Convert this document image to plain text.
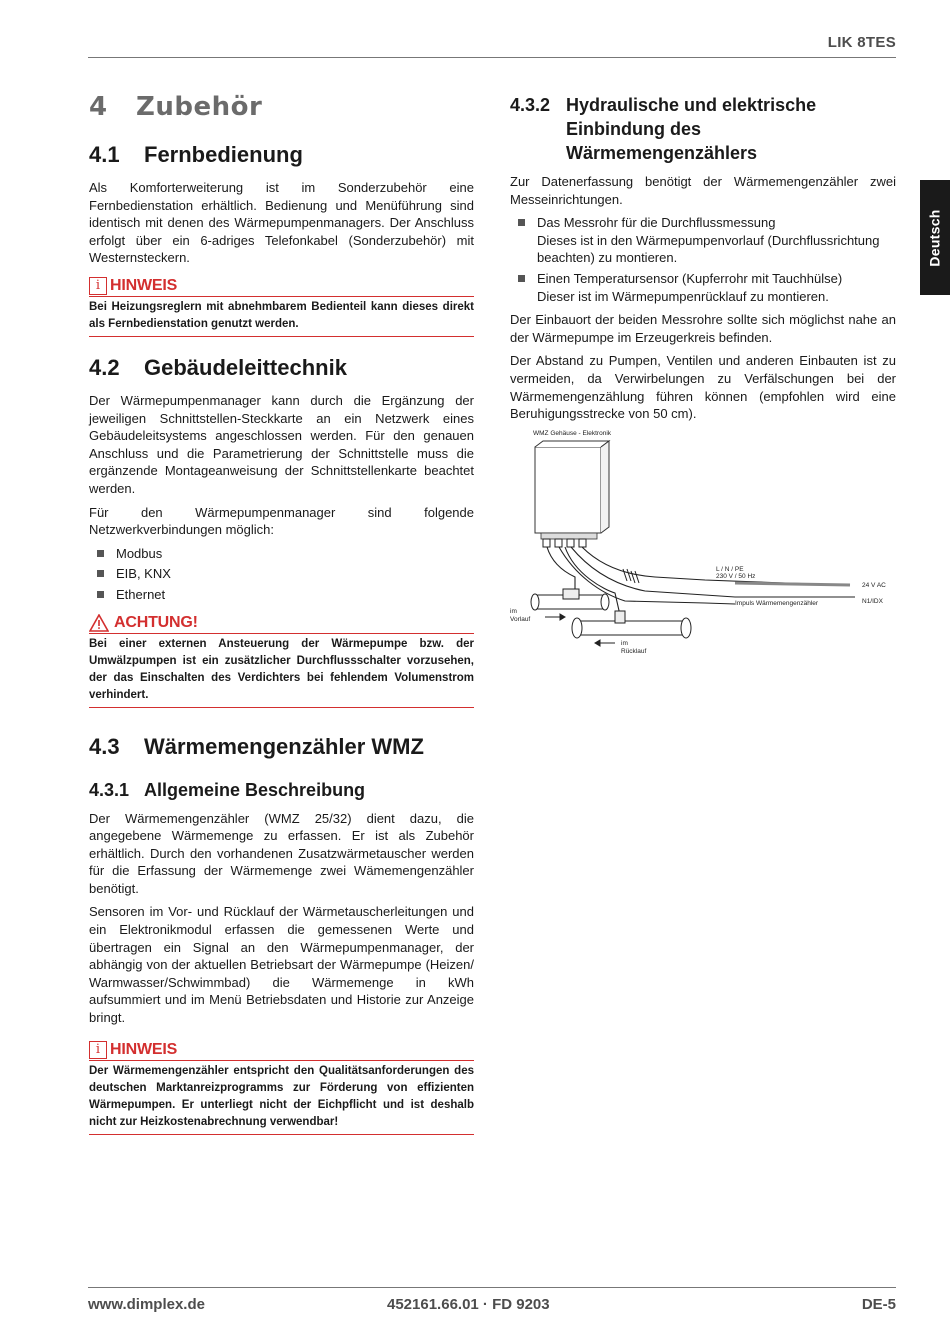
LIK 8TES
Deutsch
4 Zubehör
4.1 Fernbedienung

Als Komforterweiterung ist im Sonderzubehör eine Fernbedienstation erhältlich. Bedienung und Menüführung sind identisch mit denen des Wärmepumpenmanagers. Der Anschluss erfolgt über ein 6-adriges Telefonkabel (Sonderzubehör) mit Westernsteckern.

i HINWEIS

Bei Heizungsreglern mit abnehmbarem Bedienteil kann dieses direkt als Fernbedienstation genutzt werden.

4.2 Gebäudeleittechnik

Der Wärmepumpenmanager kann durch die Ergänzung der jeweiligen Schnittstellen-Steckkarte an ein Netzwerk eines Gebäudeleitsystems angeschlossen werden. Für den genauen Anschluss und die Parametrierung der Schnittstelle muss die ergänzende Montageanweisung der Schnittstellenkarte beachtet werden.

Für den Wärmepumpenmanager sind folgende Netzwerkverbindungen möglich:

Modbus
EIB, KNX
Ethernet
ACHTUNG!

Bei einer externen Ansteuerung der Wärmepumpe bzw. der Umwälzpumpen ist ein zusätzlicher Durchflussschalter vorzusehen, der das Einschalten des Verdichters bei fehlendem Volumenstrom verhindert.

4.3 Wärmemengenzähler WMZ
4.3.1 Allgemeine Beschreibung

Der Wärmemengenzähler (WMZ 25/32) dient dazu, die angegebene Wärmemenge zu erfassen. Er ist als Zubehör erhältlich. Durch den vorhandenen Zusatzwärmetauscher werden für die Erfassung der Wärmemenge zwei Wämemengenzähler benötigt.

Sensoren im Vor- und Rücklauf der Wärmetauscherleitungen und ein Elektronikmodul erfassen die gemessenen Werte und übertragen ein Signal an den Wärmepumpenmanager, der abhängig von der aktuellen Betriebsart der Wärmepumpe (Heizen/ Warmwasser/Schwimmbad) die Wärmemenge in kWh aufsummiert und im Menü Betriebsdaten und Historie zur Anzeige bringt.

i HINWEIS

Der Wärmemengenzähler entspricht den Qualitätsanforderungen des deutschen Marktanreizprogramms zur Förderung von effizienten Wärmepumpen. Er unterliegt nicht der Eichpflicht und ist deshalb nicht zur Heizkostenabrechnung verwendbar!

4.3.2 Hydraulische und elektrische
Einbindung des
Wärmemengenzählers

Zur Datenerfassung benötigt der Wärmemengenzähler zwei Messeinrichtungen.

Das Messrohr für die Durchflussmessung
Dieses ist in den Wärmepumpenvorlauf (Durchflussrichtung beachten) zu montieren.
Einen Temperatursensor (Kupferrohr mit Tauchhülse)
Dieser ist im Wärmepumpenrücklauf zu montieren.

Der Einbauort der beiden Messrohre sollte sich möglichst nahe an der Wärmepumpe im Erzeugerkreis befinden.

Der Abstand zu Pumpen, Ventilen und anderen Einbauten ist zu vermeiden, da Verwirbelungen zu Verfälschungen bei der Wärmemengenzählung führen können (empfohlen wird eine Beruhigungsstrecke von 50 cm).

WMZ Gehäuse - Elektronik
L / N / PE
230 V / 50 Hz
Impuls Wärmemengenzähler
24 V AC
N1/IDX
im
Vorlauf
im
Rücklauf
www.dimplex.de	452161.66.01 · FD 9203	DE-5
